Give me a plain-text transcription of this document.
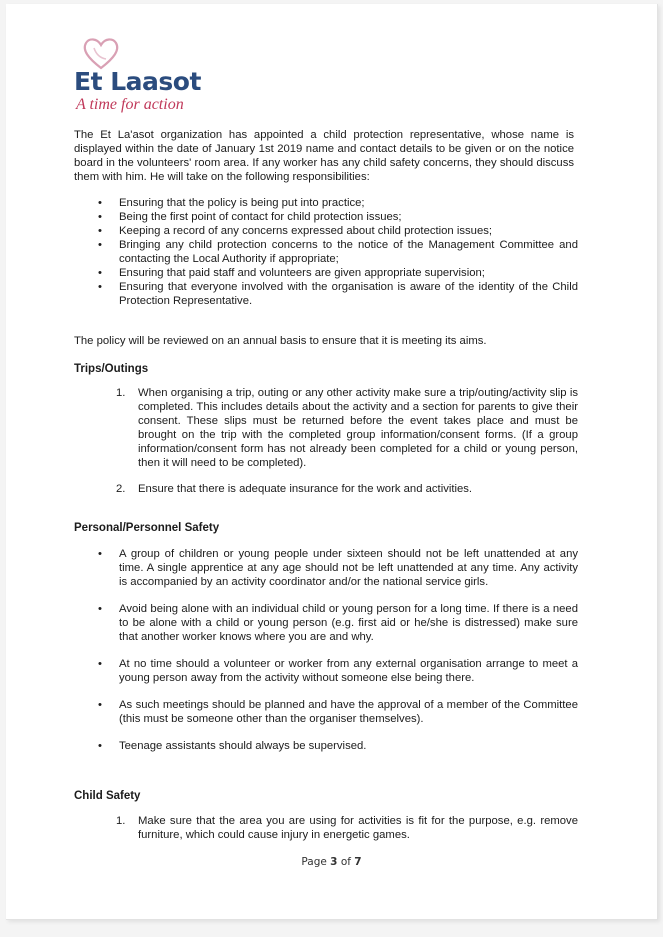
Et Laasot
A time for action
The Et La'asot organization has appointed a child protection representative, whose name is displayed within the date of January 1st 2019 name and contact details to be given or on the notice board in the volunteers' room area. If any worker has any child safety concerns, they should discuss them with him. He will take on the following responsibilities:
• Ensuring that the policy is being put into practice;
• Being the first point of contact for child protection issues;
• Keeping a record of any concerns expressed about child protection issues;
• Bringing any child protection concerns to the notice of the Management Committee and contacting the Local Authority if appropriate;
• Ensuring that paid staff and volunteers are given appropriate supervision;
• Ensuring that everyone involved with the organisation is aware of the identity of the Child Protection Representative.
The policy will be reviewed on an annual basis to ensure that it is meeting its aims.
Trips/Outings
1. When organising a trip, outing or any other activity make sure a trip/outing/activity slip is completed. This includes details about the activity and a section for parents to give their consent. These slips must be returned before the event takes place and must be brought on the trip with the completed group information/consent forms. (If a group information/consent form has not already been completed for a child or young person, then it will need to be completed).
2. Ensure that there is adequate insurance for the work and activities.
Personal/Personnel Safety
• A group of children or young people under sixteen should not be left unattended at any time. A single apprentice at any age should not be left unattended at any time. Any activity is accompanied by an activity coordinator and/or the national service girls.
• Avoid being alone with an individual child or young person for a long time. If there is a need to be alone with a child or young person (e.g. first aid or he/she is distressed) make sure that another worker knows where you are and why.
• At no time should a volunteer or worker from any external organisation arrange to meet a young person away from the activity without someone else being there.
• As such meetings should be planned and have the approval of a member of the Committee (this must be someone other than the organiser themselves).
• Teenage assistants should always be supervised.
Child Safety
1. Make sure that the area you are using for activities is fit for the purpose, e.g. remove furniture, which could cause injury in energetic games.
Page 3 of 7
